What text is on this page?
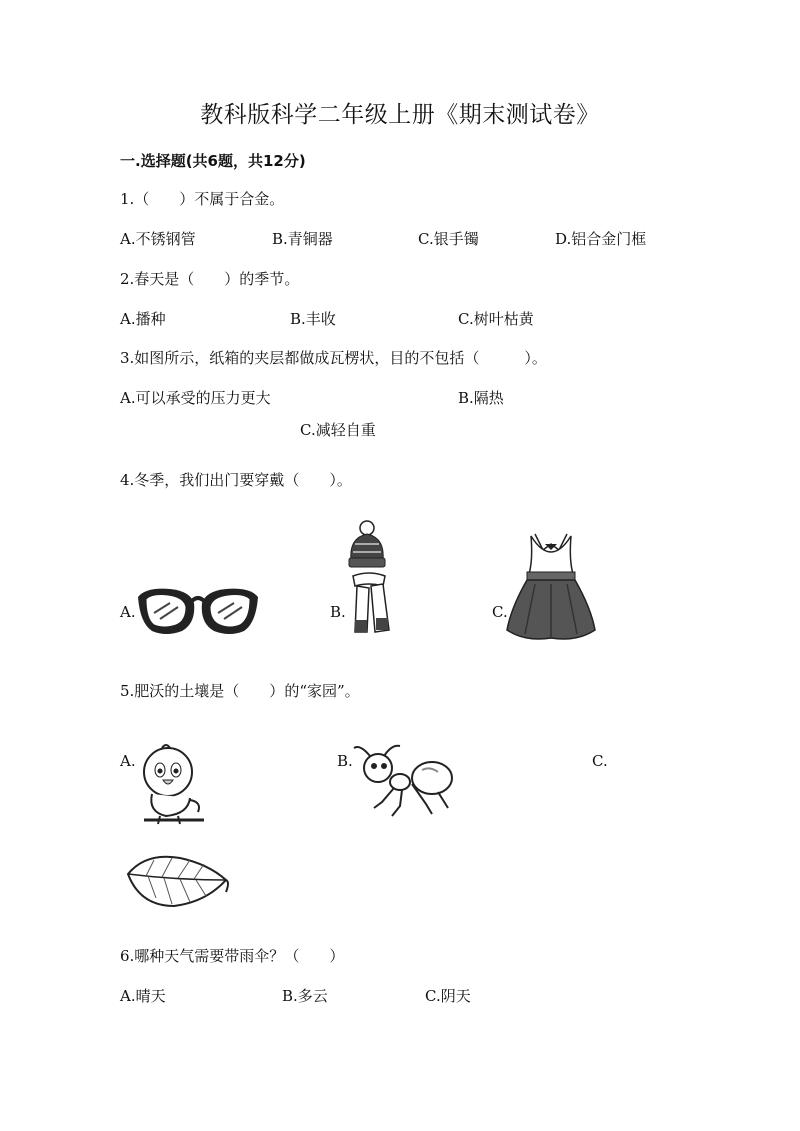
教科版科学二年级上册《期末测试卷》
一.选择题(共6题，共12分)
1.（　　）不属于合金。
A.不锈钢管	B.青铜器	C.银手镯	D.铝合金门框
2.春天是（　　）的季节。
A.播种	B.丰收	C.树叶枯黄
3.如图所示，纸箱的夹层都做成瓦楞状，目的不包括（　　　）。
A.可以承受的压力更大	B.隔热
C.减轻自重
4.冬季，我们出门要穿戴（　　）。
A.	B.	C.
5.肥沃的土壤是（　　）的“家园”。
A.	B.	C.
6.哪种天气需要带雨伞？（　　）
A.晴天	B.多云	C.阴天
